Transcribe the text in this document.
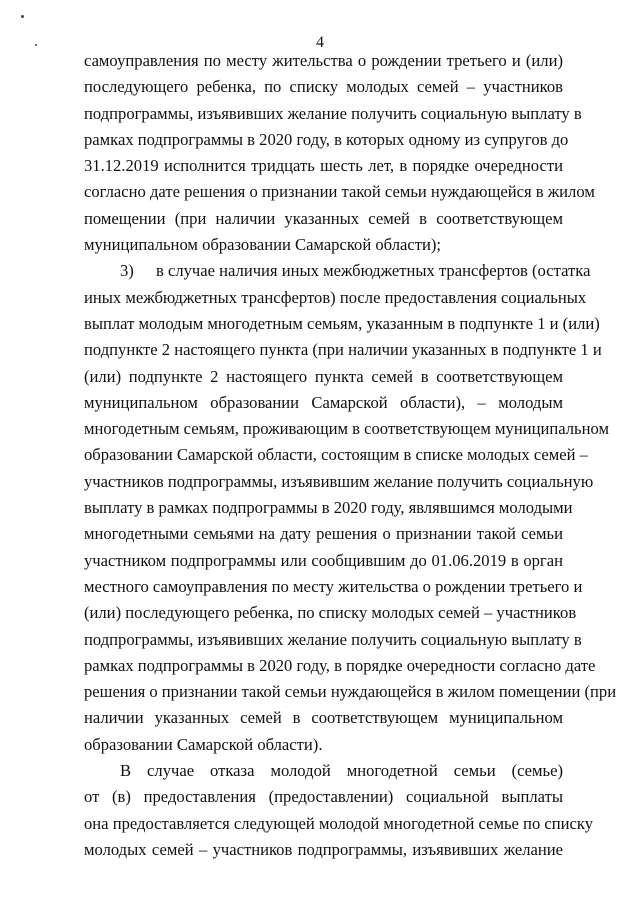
4
самоуправления по месту жительства о рождении третьего и (или)
последующего ребенка, по списку молодых семей – участников
подпрограммы, изъявивших желание получить социальную выплату в
рамках подпрограммы в 2020 году, в которых одному из супругов до
31.12.2019 исполнится тридцать шесть лет, в порядке очередности
согласно дате решения о признании такой семьи нуждающейся в жилом
помещении (при наличии указанных семей в соответствующем
муниципальном образовании Самарской области);
3) в случае наличия иных межбюджетных трансфертов (остатка
иных межбюджетных трансфертов) после предоставления социальных
выплат молодым многодетным семьям, указанным в подпункте 1 и (или)
подпункте 2 настоящего пункта (при наличии указанных в подпункте 1 и
(или) подпункте 2 настоящего пункта семей в соответствующем
муниципальном образовании Самарской области), – молодым
многодетным семьям, проживающим в соответствующем муниципальном
образовании Самарской области, состоящим в списке молодых семей –
участников подпрограммы, изъявившим желание получить социальную
выплату в рамках подпрограммы в 2020 году, являвшимся молодыми
многодетными семьями на дату решения о признании такой семьи
участником подпрограммы или сообщившим до 01.06.2019 в орган
местного самоуправления по месту жительства о рождении третьего и
(или) последующего ребенка, по списку молодых семей – участников
подпрограммы, изъявивших желание получить социальную выплату в
рамках подпрограммы в 2020 году, в порядке очередности согласно дате
решения о признании такой семьи нуждающейся в жилом помещении (при
наличии указанных семей в соответствующем муниципальном
образовании Самарской области).
В случае отказа молодой многодетной семьи (семье)
от (в) предоставления (предоставлении) социальной выплаты
она предоставляется следующей молодой многодетной семье по списку
молодых семей – участников подпрограммы, изъявивших желание
